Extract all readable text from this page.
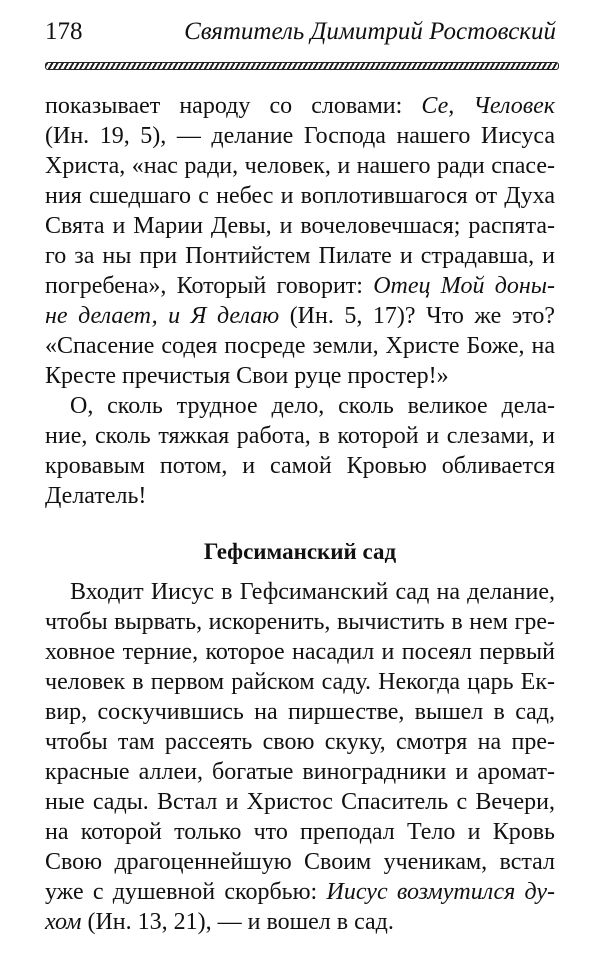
178	Святитель Димитрий Ростовский
показывает народу со словами: Се, Человек
(Ин. 19, 5), — делание Господа нашего Иисуса
Христа, «нас ради, человек, и нашего ради спасе-
ния сшедшаго с небес и воплотившагося от Духа
Свята и Марии Девы, и вочеловечшася; распята-
го за ны при Понтийстем Пилате и страдавша, и
погребена», Который говорит: Отец Мой доны-
не делает, и Я делаю (Ин. 5, 17)? Что же это?
«Спасение содея посреде земли, Христе Боже, на
Кресте пречистыя Свои руце простер!»
О, сколь трудное дело, сколь великое дела-
ние, сколь тяжкая работа, в которой и слезами, и
кровавым потом, и самой Кровью обливается
Делатель!
Гефсиманский сад
Входит Иисус в Гефсиманский сад на делание,
чтобы вырвать, искоренить, вычистить в нем гре-
ховное терние, которое насадил и посеял первый
человек в первом райском саду. Некогда царь Ек-
вир, соскучившись на пиршестве, вышел в сад,
чтобы там рассеять свою скуку, смотря на пре-
красные аллеи, богатые виноградники и аромат-
ные сады. Встал и Христос Спаситель с Вечери,
на которой только что преподал Тело и Кровь
Свою драгоценнейшую Своим ученикам, встал
уже с душевной скорбью: Иисус возмутился ду-
хом (Ин. 13, 21), — и вошел в сад.
